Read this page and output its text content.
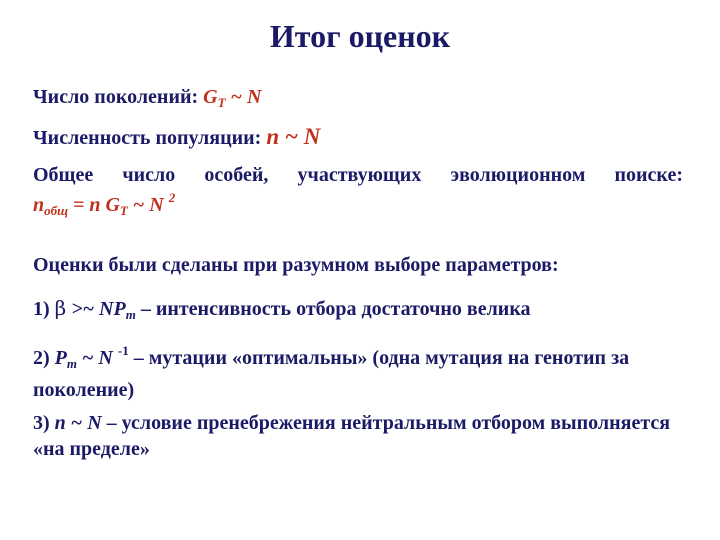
Итог оценок
Число поколений: $G_T$ ~ N
Численность популяции: n ~ N
Общее число особей, участвующих эволюционном поиске:
$n_{общ} = n$ $G_T$ ~ N $^2$
Оценки были сделаны при разумном выборе параметров:
1) β >~ $NP_m$ – интенсивность отбора достаточно велика
2) $P_m$ ~ N $^{-1}$ – мутации «оптимальны» (одна мутация на генотип за поколение)
3) n ~ N – условие пренебрежения нейтральным отбором выполняется «на пределе»
